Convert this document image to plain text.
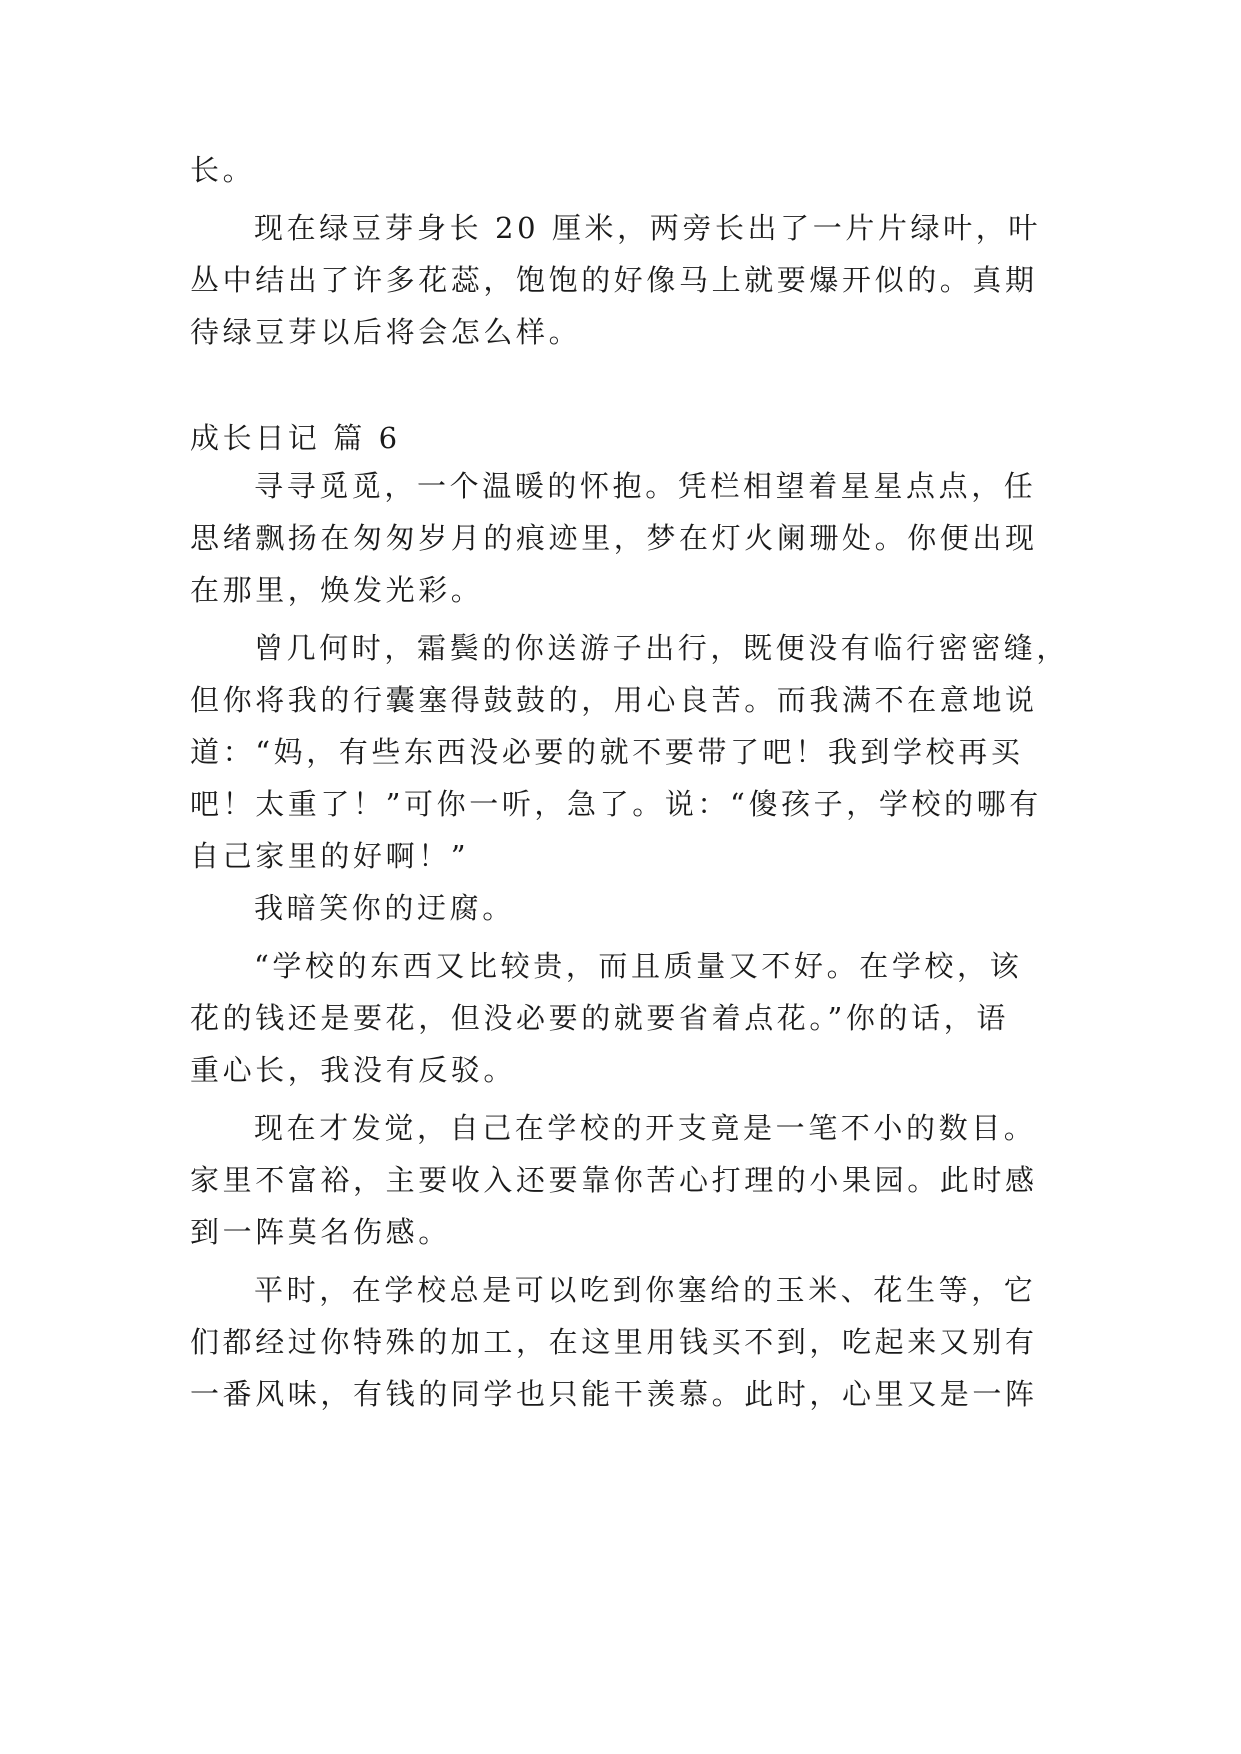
长。

现在绿豆芽身长 20 厘米，两旁长出了一片片绿叶，叶

丛中结出了许多花蕊，饱饱的好像马上就要爆开似的。真期

待绿豆芽以后将会怎么样。

成长日记 篇 6

寻寻觅觅，一个温暖的怀抱。凭栏相望着星星点点，任

思绪飘扬在匆匆岁月的痕迹里，梦在灯火阑珊处。你便出现

在那里，焕发光彩。

曾几何时，霜鬓的你送游子出行，既便没有临行密密缝，

但你将我的行囊塞得鼓鼓的，用心良苦。而我满不在意地说

道：“妈，有些东西没必要的就不要带了吧！我到学校再买

吧！太重了！”可你一听，急了。说：“傻孩子，学校的哪有

自己家里的好啊！”

我暗笑你的迂腐。

“学校的东西又比较贵，而且质量又不好。在学校，该

花的钱还是要花，但没必要的就要省着点花。”你的话，语

重心长，我没有反驳。

现在才发觉，自己在学校的开支竟是一笔不小的数目。

家里不富裕，主要收入还要靠你苦心打理的小果园。此时感

到一阵莫名伤感。

平时，在学校总是可以吃到你塞给的玉米、花生等，它

们都经过你特殊的加工，在这里用钱买不到，吃起来又别有

一番风味，有钱的同学也只能干羡慕。此时，心里又是一阵
